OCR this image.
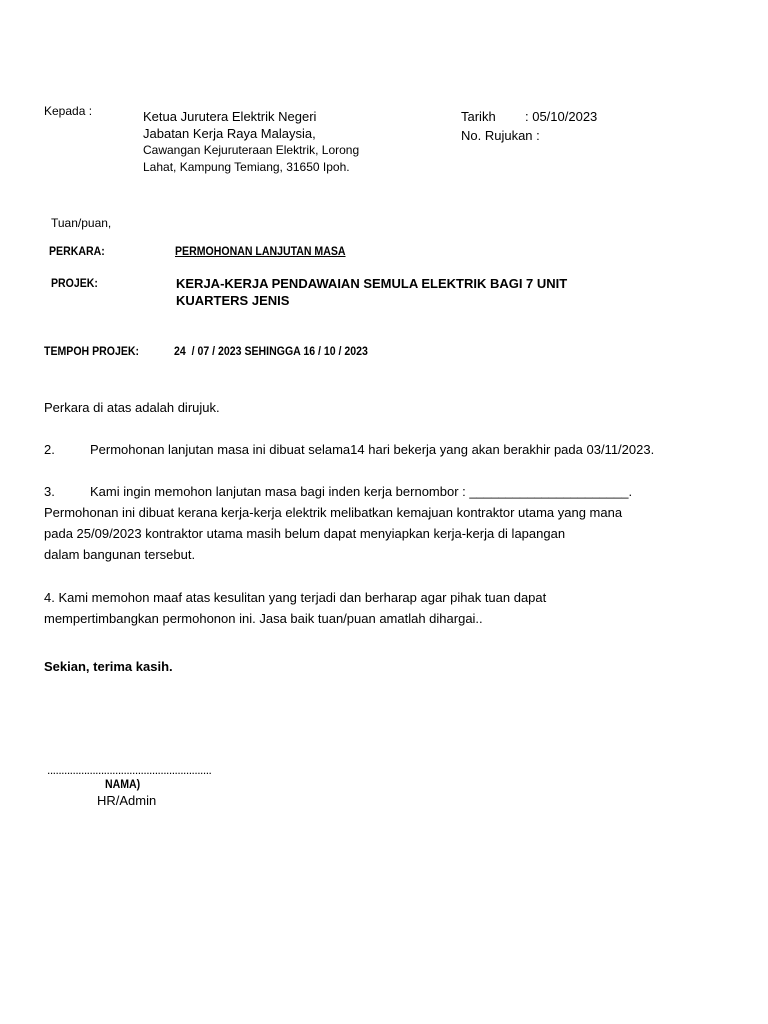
Kepada :	Ketua Jurutera Elektrik Negeri
Jabatan Kerja Raya Malaysia,
Cawangan Kejuruteraan Elektrik, Lorong
Lahat, Kampung Temiang, 31650 Ipoh.
Tarikh : 05/10/2023
No. Rujukan :
Tuan/puan,
PERKARA:	PERMOHONAN LANJUTAN MASA
PROJEK:	KERJA-KERJA PENDAWAIAN SEMULA ELEKTRIK BAGI 7 UNIT
KUARTERS JENIS
TEMPOH PROJEK:	24  / 07 / 2023 SEHINGGA 16 / 10 / 2023
Perkara di atas adalah dirujuk.
2.	Permohonan lanjutan masa ini dibuat selama14 hari bekerja yang akan berakhir pada 03/11/2023.
3.	Kami ingin memohon lanjutan masa bagi inden kerja bernombor : ______________________.
Permohonan ini dibuat kerana kerja-kerja elektrik melibatkan kemajuan kontraktor utama yang mana
pada 25/09/2023 kontraktor utama masih belum dapat menyiapkan kerja-kerja di lapangan
dalam bangunan tersebut.
4. Kami memohon maaf atas kesulitan yang terjadi dan berharap agar pihak tuan dapat
mempertimbangkan permohonon ini. Jasa baik tuan/puan amatlah dihargai..
Sekian, terima kasih.
..........................................................
NAMA)
HR/Admin
